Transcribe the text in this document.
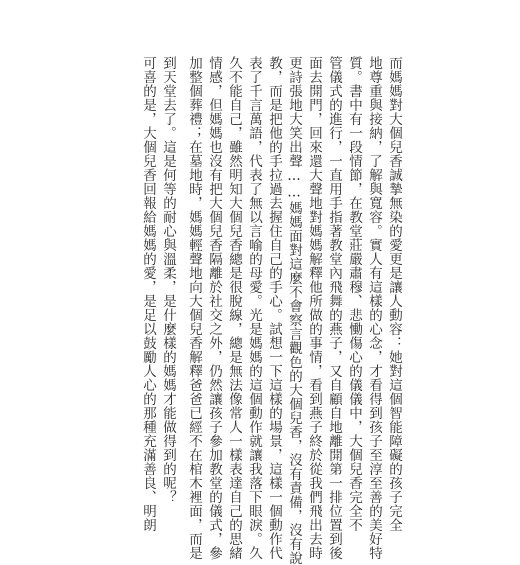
而媽媽對大個兒香誠摯無染的愛更是讓人動容：她對這個智能障礙的孩子完全
地尊重與接納，了解與寬容。實人有這樣的心念，才看得到孩子至淳至善的美好特
質。書中有一段情節，在教堂莊嚴肅穆、悲慟傷心的儀儀中，大個兒香完全不
管儀式的進行，一直用手指著教堂內飛舞的燕子，又自顧自地離開第一排位置到後
面去開門，回來還大聲地對媽媽解釋他所做的事情，看到燕子終於從我們飛出去時
更詩張地大笑出聲……媽媽面對這麼不會察言觀色的大個兒香，沒有責備，沒有說
教，而是把他的手拉過去握住自己的手心。試想一下這樣的場景，這樣一個動作代
表了千言萬語，代表了無以言喻的母愛。光是媽媽的這個動作就讓我落下眼淚。久
久不能自己，雖然明知大個兒香總是很脫線，總是無法像常人一樣表達自己的思緒
情感，但媽媽也沒有把大個兒香隔離於社交之外，仍然讓孩子參加教堂的儀式，參
加整個葬禮；在墓地時，媽媽輕聲地向大個兒香解釋爸爸已經不在棺木裡面，而是
到天堂去了。這是何等的耐心與溫柔，是什麼樣的媽媽才能做得到的呢？
可喜的是，大個兒香回報給媽媽的愛，是足以鼓勵人心的那種充滿善良、明朗
